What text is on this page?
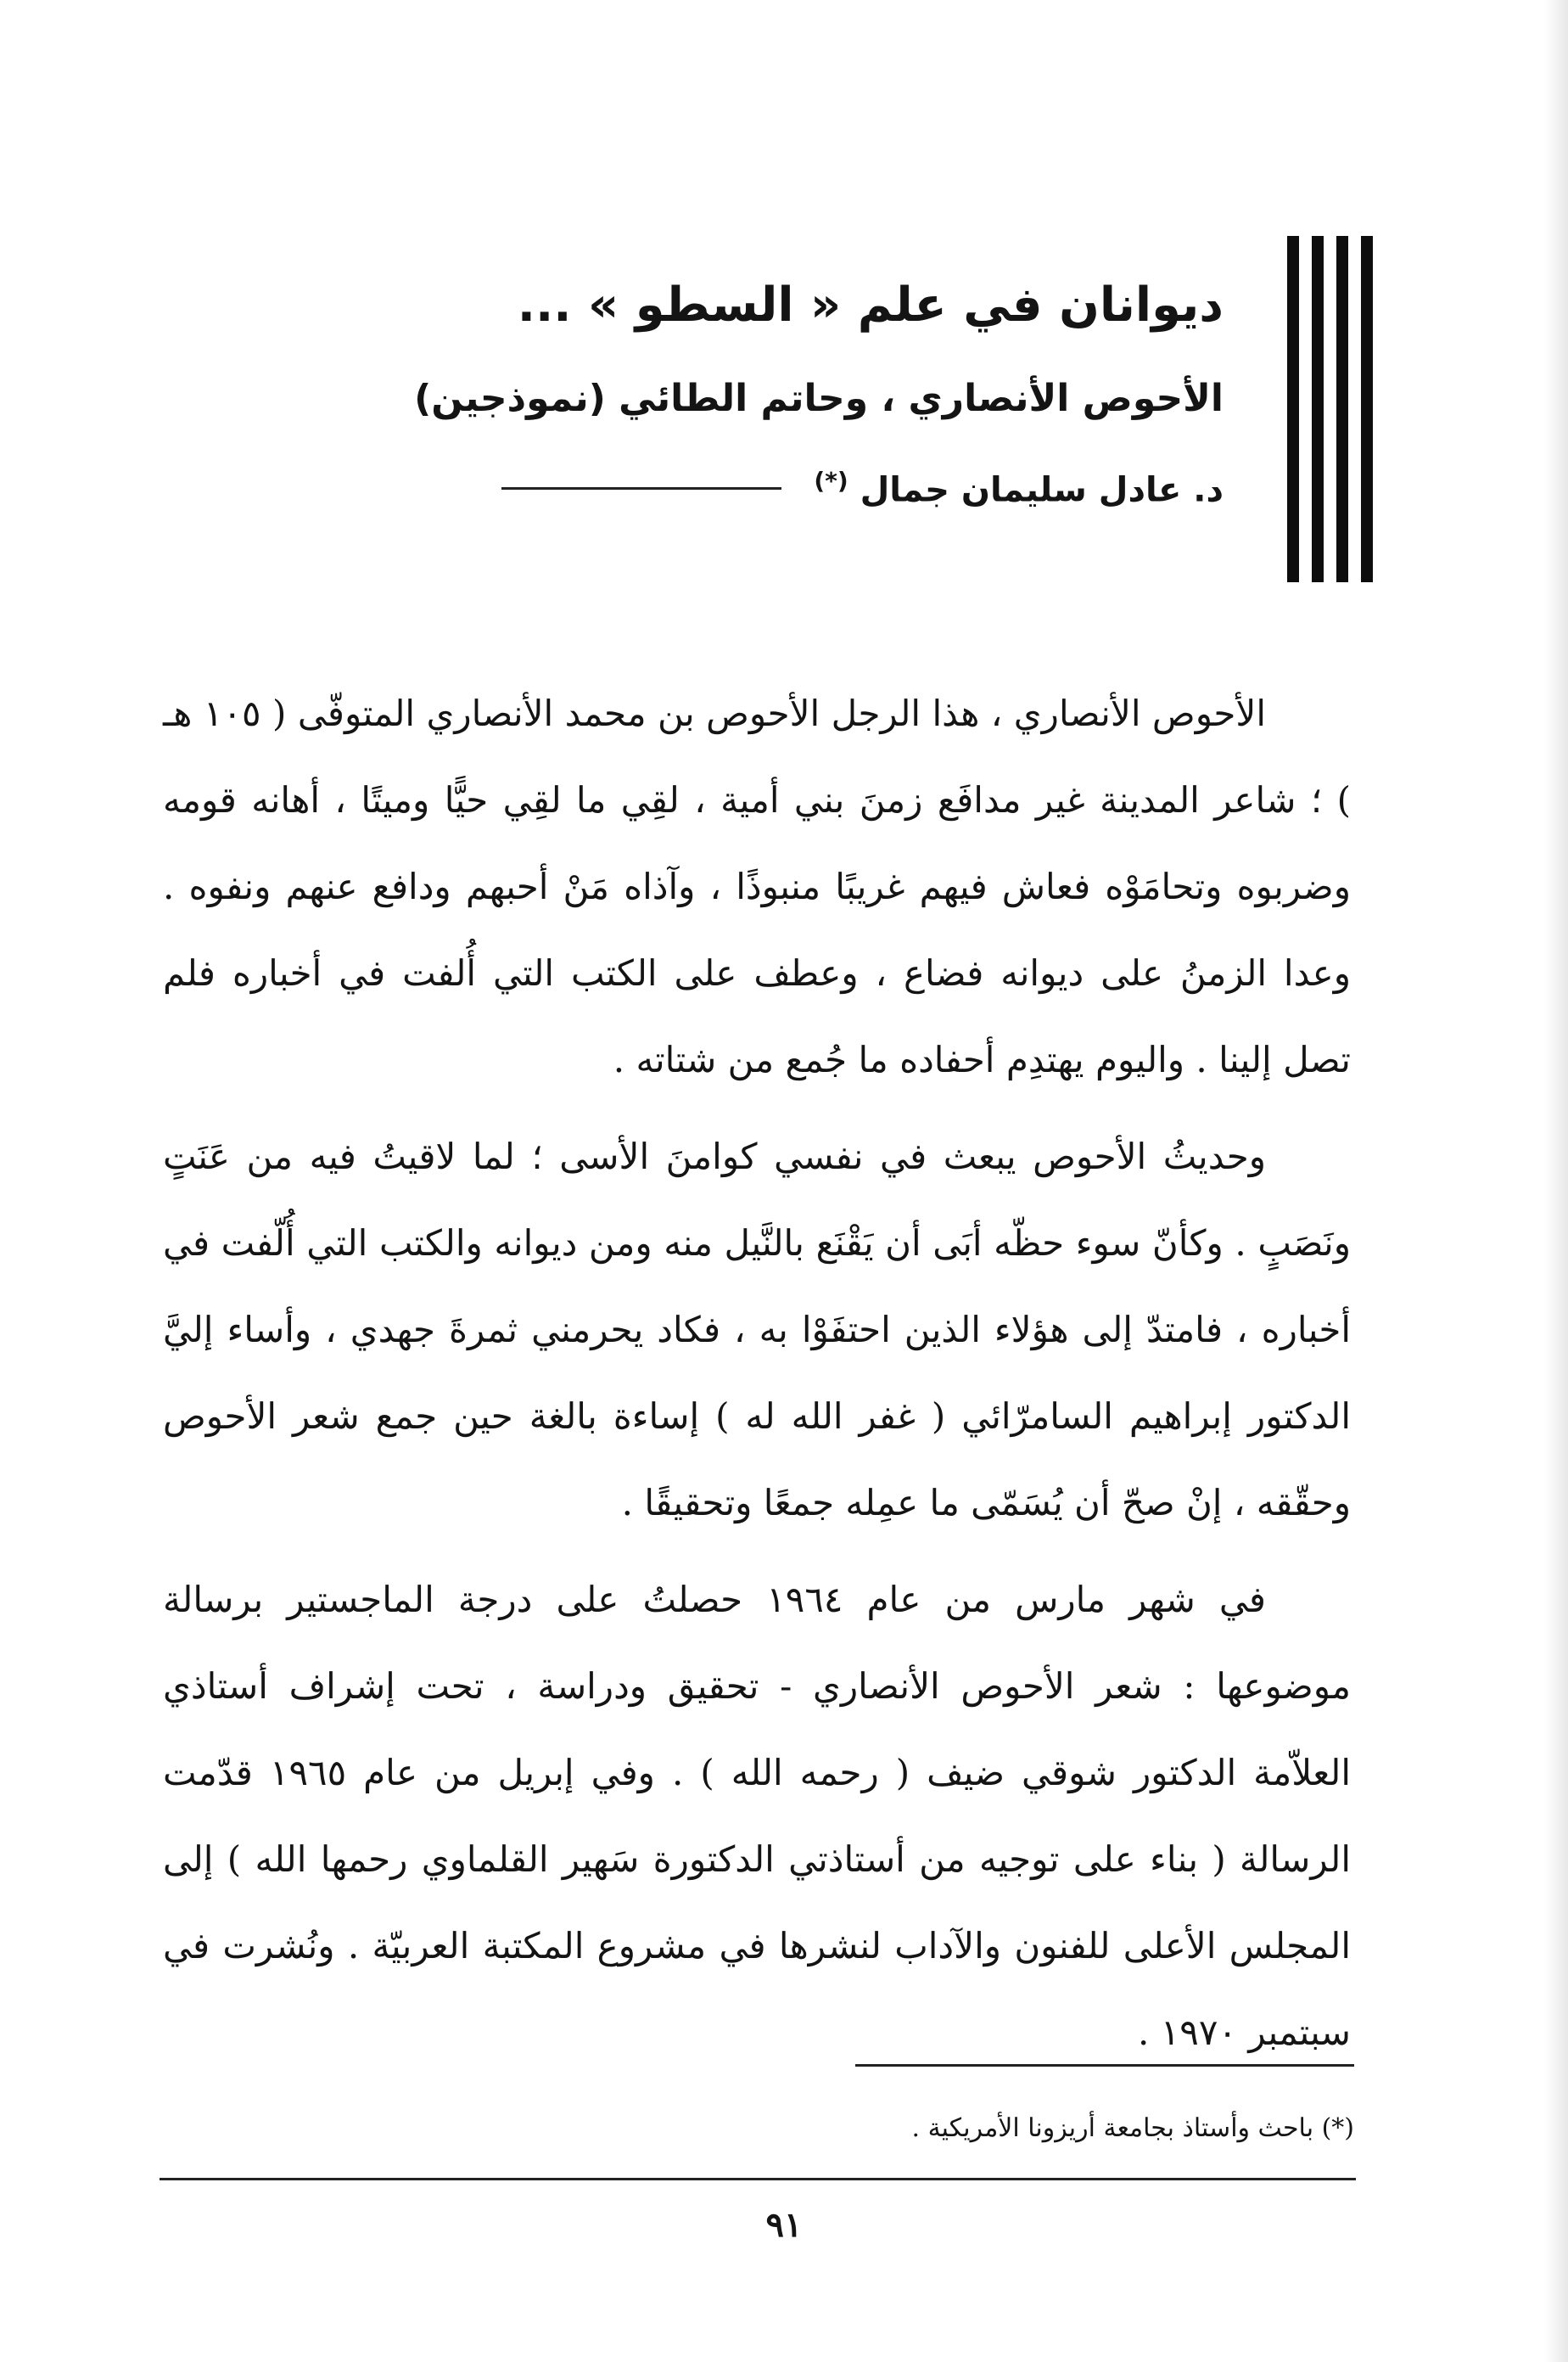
ديوانان في علم « السطو » ...
الأحوص الأنصاري ، وحاتم الطائي (نموذجين)
د. عادل سليمان جمال (*)

الأحوص الأنصاري ، هذا الرجل الأحوص بن محمد الأنصاري المتوفّى ( ١٠٥ هـ ) ؛ شاعر المدينة غير مدافَع زمنَ بني أمية ، لقِي ما لقِي حيًّا وميتًا ، أهانه قومه وضربوه وتحامَوْه فعاش فيهم غريبًا منبوذًا ، وآذاه مَنْ أحبهم ودافع عنهم ونفوه . وعدا الزمنُ على ديوانه فضاع ، وعطف على الكتب التي أُلفت في أخباره فلم تصل إلينا . واليوم يهتدِم أحفاده ما جُمع من شتاته .

وحديثُ الأحوص يبعث في نفسي كوامنَ الأسى ؛ لما لاقيتُ فيه من عَنَتٍ ونَصَبٍ . وكأنّ سوء حظّه أبَى أن يَقْنَع بالنَّيل منه ومن ديوانه والكتب التي أُلّفت في أخباره ، فامتدّ إلى هؤلاء الذين احتفَوْا به ، فكاد يحرمني ثمرةَ جهدي ، وأساء إليَّ الدكتور إبراهيم السامرّائي ( غفر الله له ) إساءة بالغة حين جمع شعر الأحوص وحقّقه ، إنْ صحّ أن يُسَمّى ما عمِله جمعًا وتحقيقًا .

في شهر مارس من عام ١٩٦٤ حصلتُ على درجة الماجستير برسالة موضوعها : شعر الأحوص الأنصاري - تحقيق ودراسة ، تحت إشراف أستاذي العلاّمة الدكتور شوقي ضيف ( رحمه الله ) . وفي إبريل من عام ١٩٦٥ قدّمت الرسالة ( بناء على توجيه من أستاذتي الدكتورة سَهير القلماوي رحمها الله ) إلى المجلس الأعلى للفنون والآداب لنشرها في مشروع المكتبة العربيّة . ونُشرت في سبتمبر ١٩٧٠ .

(*) باحث وأستاذ بجامعة أريزونا الأمريكية .
٩١
